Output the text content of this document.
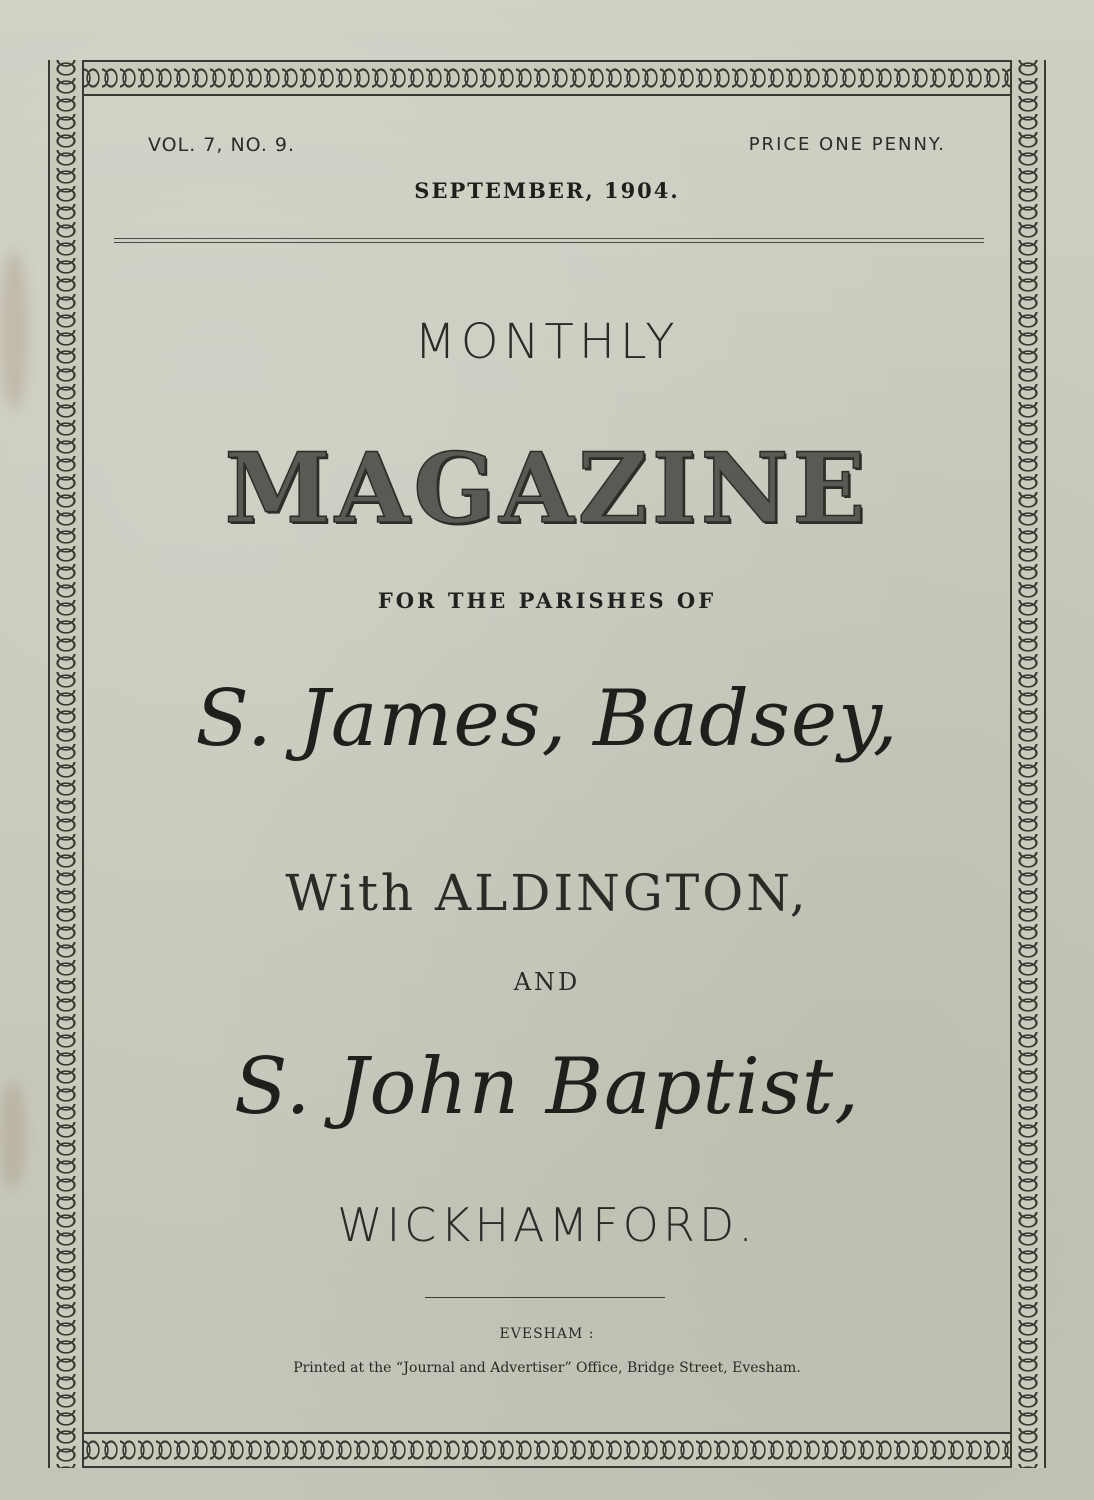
VOL. 7, NO. 9.	PRICE ONE PENNY.
SEPTEMBER, 1904.
MONTHLY
MAGAZINE
FOR THE PARISHES OF
S. James, Badsey,
With ALDINGTON,
AND
S. John Baptist,
WICKHAMFORD.
EVESHAM :
Printed at the “Journal and Advertiser” Office, Bridge Street, Evesham.
